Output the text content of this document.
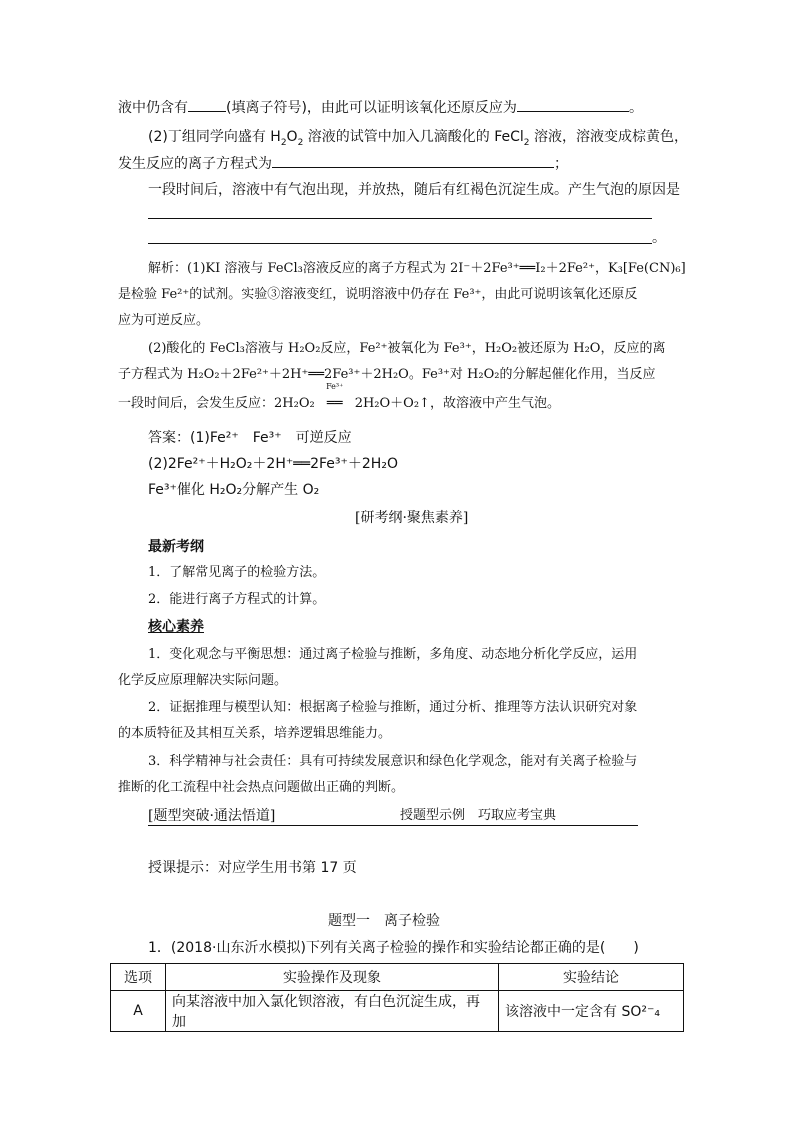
液中仍含有	(填离子符号)，由此可以证明该氧化还原反应为	。
(2)丁组同学向盛有 $H_2O_2$ 溶液的试管中加入几滴酸化的 FeCl$_2$ 溶液，溶液变成棕黄色，
发生反应的离子方程式为	；
一段时间后，溶液中有气泡出现，并放热，随后有红褐色沉淀生成。产生气泡的原因是
。
解析：(1)KI 溶液与 FeCl₃溶液反应的离子方程式为 2I⁻＋2Fe³⁺══I₂＋2Fe²⁺，K₃[Fe(CN)₆]
是检验 Fe²⁺的试剂。实验③溶液变红，说明溶液中仍存在 Fe³⁺，由此可说明该氧化还原反
应为可逆反应。
(2)酸化的 FeCl₃溶液与 H₂O₂反应，Fe²⁺被氧化为 Fe³⁺，H₂O₂被还原为 H₂O，反应的离
子方程式为 H₂O₂＋2Fe²⁺＋2H⁺══2Fe³⁺＋2H₂O。Fe³⁺对 H₂O₂的分解起催化作用，当反应
一段时间后，会发生反应：2H₂O₂
Fe³⁺
══ 2H₂O＋O₂↑，故溶液中产生气泡。
答案：(1)Fe²⁺　Fe³⁺　可逆反应
(2)2Fe²⁺＋H₂O₂＋2H⁺══2Fe³⁺＋2H₂O
Fe³⁺催化 H₂O₂分解产生 O₂
[研考纲·聚焦素养]
最新考纲
1．了解常见离子的检验方法。
2．能进行离子方程式的计算。
核心素养
1．变化观念与平衡思想：通过离子检验与推断，多角度、动态地分析化学反应，运用
化学反应原理解决实际问题。
2．证据推理与模型认知：根据离子检验与推断，通过分析、推理等方法认识研究对象
的本质特征及其相互关系，培养逻辑思维能力。
3．科学精神与社会责任：具有可持续发展意识和绿色化学观念，能对有关离子检验与
推断的化工流程中社会热点问题做出正确的判断。
[题型突破·通法悟道]	授题型示例　巧取应考宝典
授课提示：对应学生用书第 17 页
题型一　离子检验
1．(2018·山东沂水模拟)下列有关离子检验的操作和实验结论都正确的是(　　)
选项	实验操作及现象	实验结论
A	向某溶液中加入氯化钡溶液，有白色沉淀生成，再加	该溶液中一定含有 SO²⁻₄
